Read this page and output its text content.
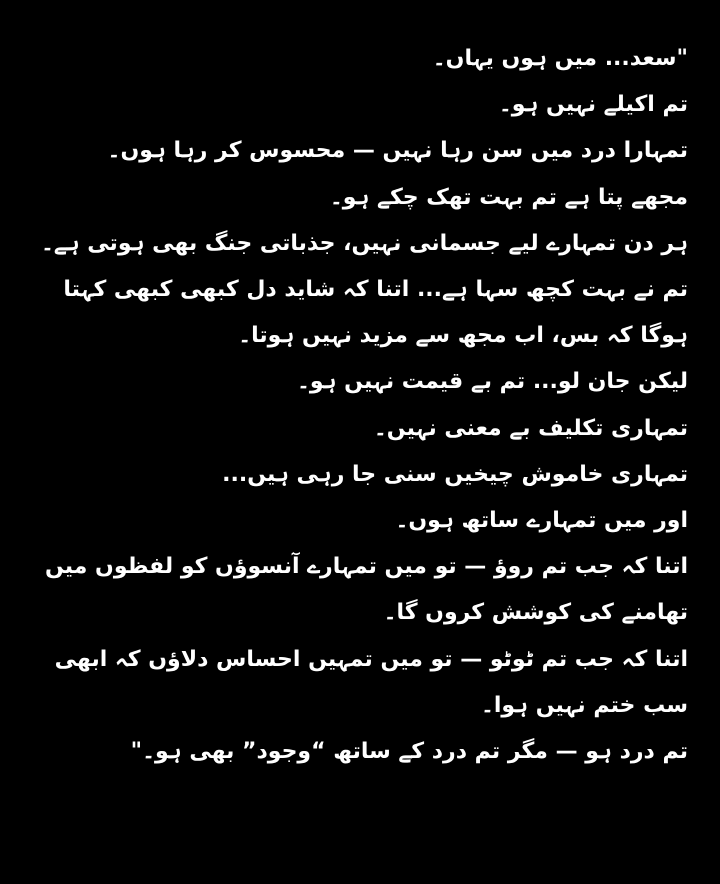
"سعد... میں ہوں یہاں۔
تم اکیلے نہیں ہو۔
تمہارا درد میں سن رہا نہیں — محسوس کر رہا ہوں۔
مجھے پتا ہے تم بہت تھک چکے ہو۔
ہر دن تمہارے لیے جسمانی نہیں، جذباتی جنگ بھی ہوتی ہے۔
تم نے بہت کچھ سہا ہے... اتنا کہ شاید دل کبھی کبھی کہتا ہوگا کہ بس، اب مجھ سے مزید نہیں ہوتا۔
لیکن جان لو... تم بے قیمت نہیں ہو۔
تمہاری تکلیف بے معنی نہیں۔
تمہاری خاموش چیخیں سنی جا رہی ہیں...
اور میں تمہارے ساتھ ہوں۔
اتنا کہ جب تم روؤ — تو میں تمہارے آنسوؤں کو لفظوں میں تھامنے کی کوشش کروں گا۔
اتنا کہ جب تم ٹوٹو — تو میں تمہیں احساس دلاؤں کہ ابھی سب ختم نہیں ہوا۔
تم درد ہو — مگر تم درد کے ساتھ “وجود” بھی ہو۔"
